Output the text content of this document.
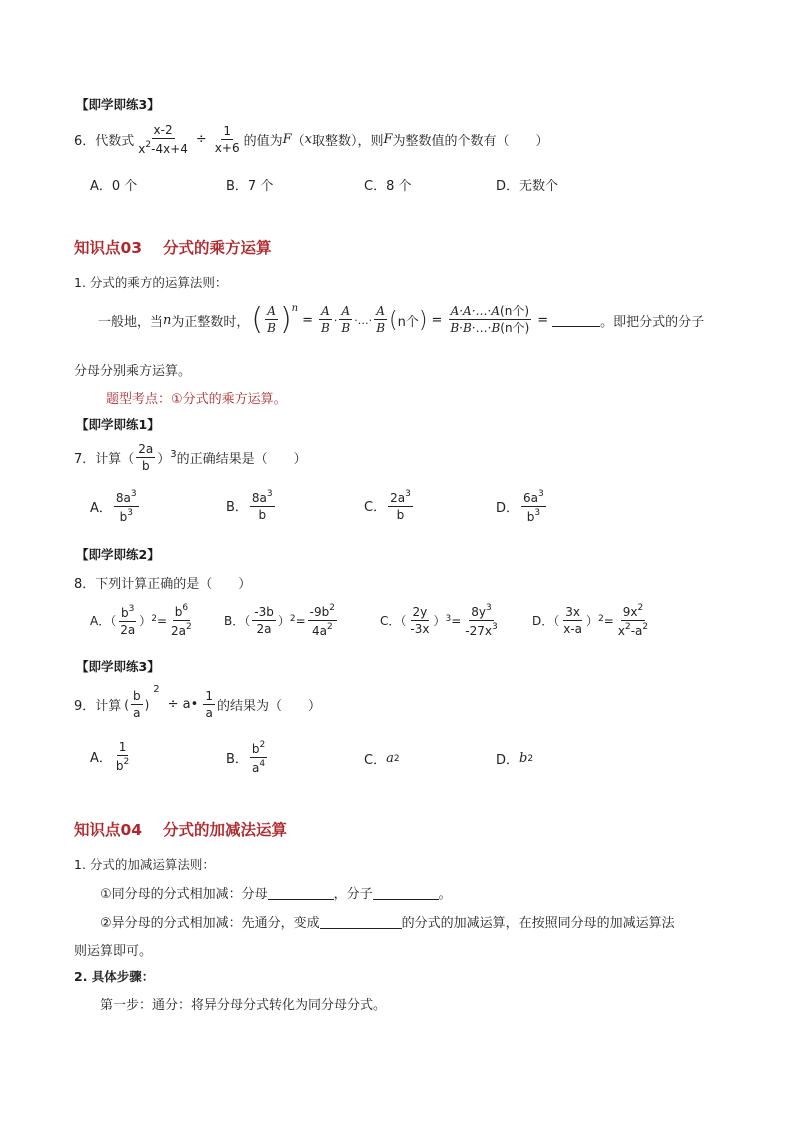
【即学即练3】
6．代数式 $\frac{x-2}{x^2-4x+4} \div \frac{1}{x+6}$ 的值为 F （ x 取整数），则 F 为整数值的个数有（　　）
A．0 个	B．7 个	C．8 个	D．无数个
知识点03　 分式的乘方运算
1. 分式的乘方的运算法则：
一般地，当 n 为正整数时， ( $\frac{A}{B}$ ) n
= $\frac{A}{B} \cdot \frac{A}{B}$ ·…· $\frac{A}{B}$ ( n个 ) = $\frac{\text{A·A·…·A(n个)}}{\text{B·B·…·B(n个)}}$ =	。即把分式的分子
分母分别乘方运算。
题型考点：①分式的乘方运算。
【即学即练1】
7．计算（ $\frac{2a}{b}$ ） 3 的正确结果是（　　）
A． $\frac{8a^3}{b^3}$	B． $\frac{8a^3}{b}$	C． $\frac{2a^3}{b}$	D． $\frac{6a^3}{b^3}$
【即学即练2】
8．下列计算正确的是（　　）
A．（ $\frac{b^3}{2a}$ ） $2 = \frac{b^6}{2a^2}$	B．（ $\frac{-3b}{2a}$ ） $2 = \frac{-9b^2}{4a^2}$	C．（ $\frac{2y}{-3x}$ ） $3 = \frac{8y^3}{-27x^3}$	D．（ $\frac{3x}{x-a}$ ） $2 = \frac{9x^2}{x^2-a^2}$
【即学即练3】
9．计算 ( $\frac{b}{a}$ )
2
÷ a• $\frac{1}{a}$ 的结果为（　　）
A． $\frac{1}{b^2}$	B． $\frac{b^2}{a^4}$	C． a 2	D． b 2
知识点04　 分式的加减法运算
1. 分式的加减运算法则：
①同分母的分式相加减：分母	，分子	。
②异分母的分式相加减：先通分，变成	的分式的加减运算，在按照同分母的加减运算法
则运算即可。
2. 具体步骤：
第一步：通分：将异分母分式转化为同分母分式。
